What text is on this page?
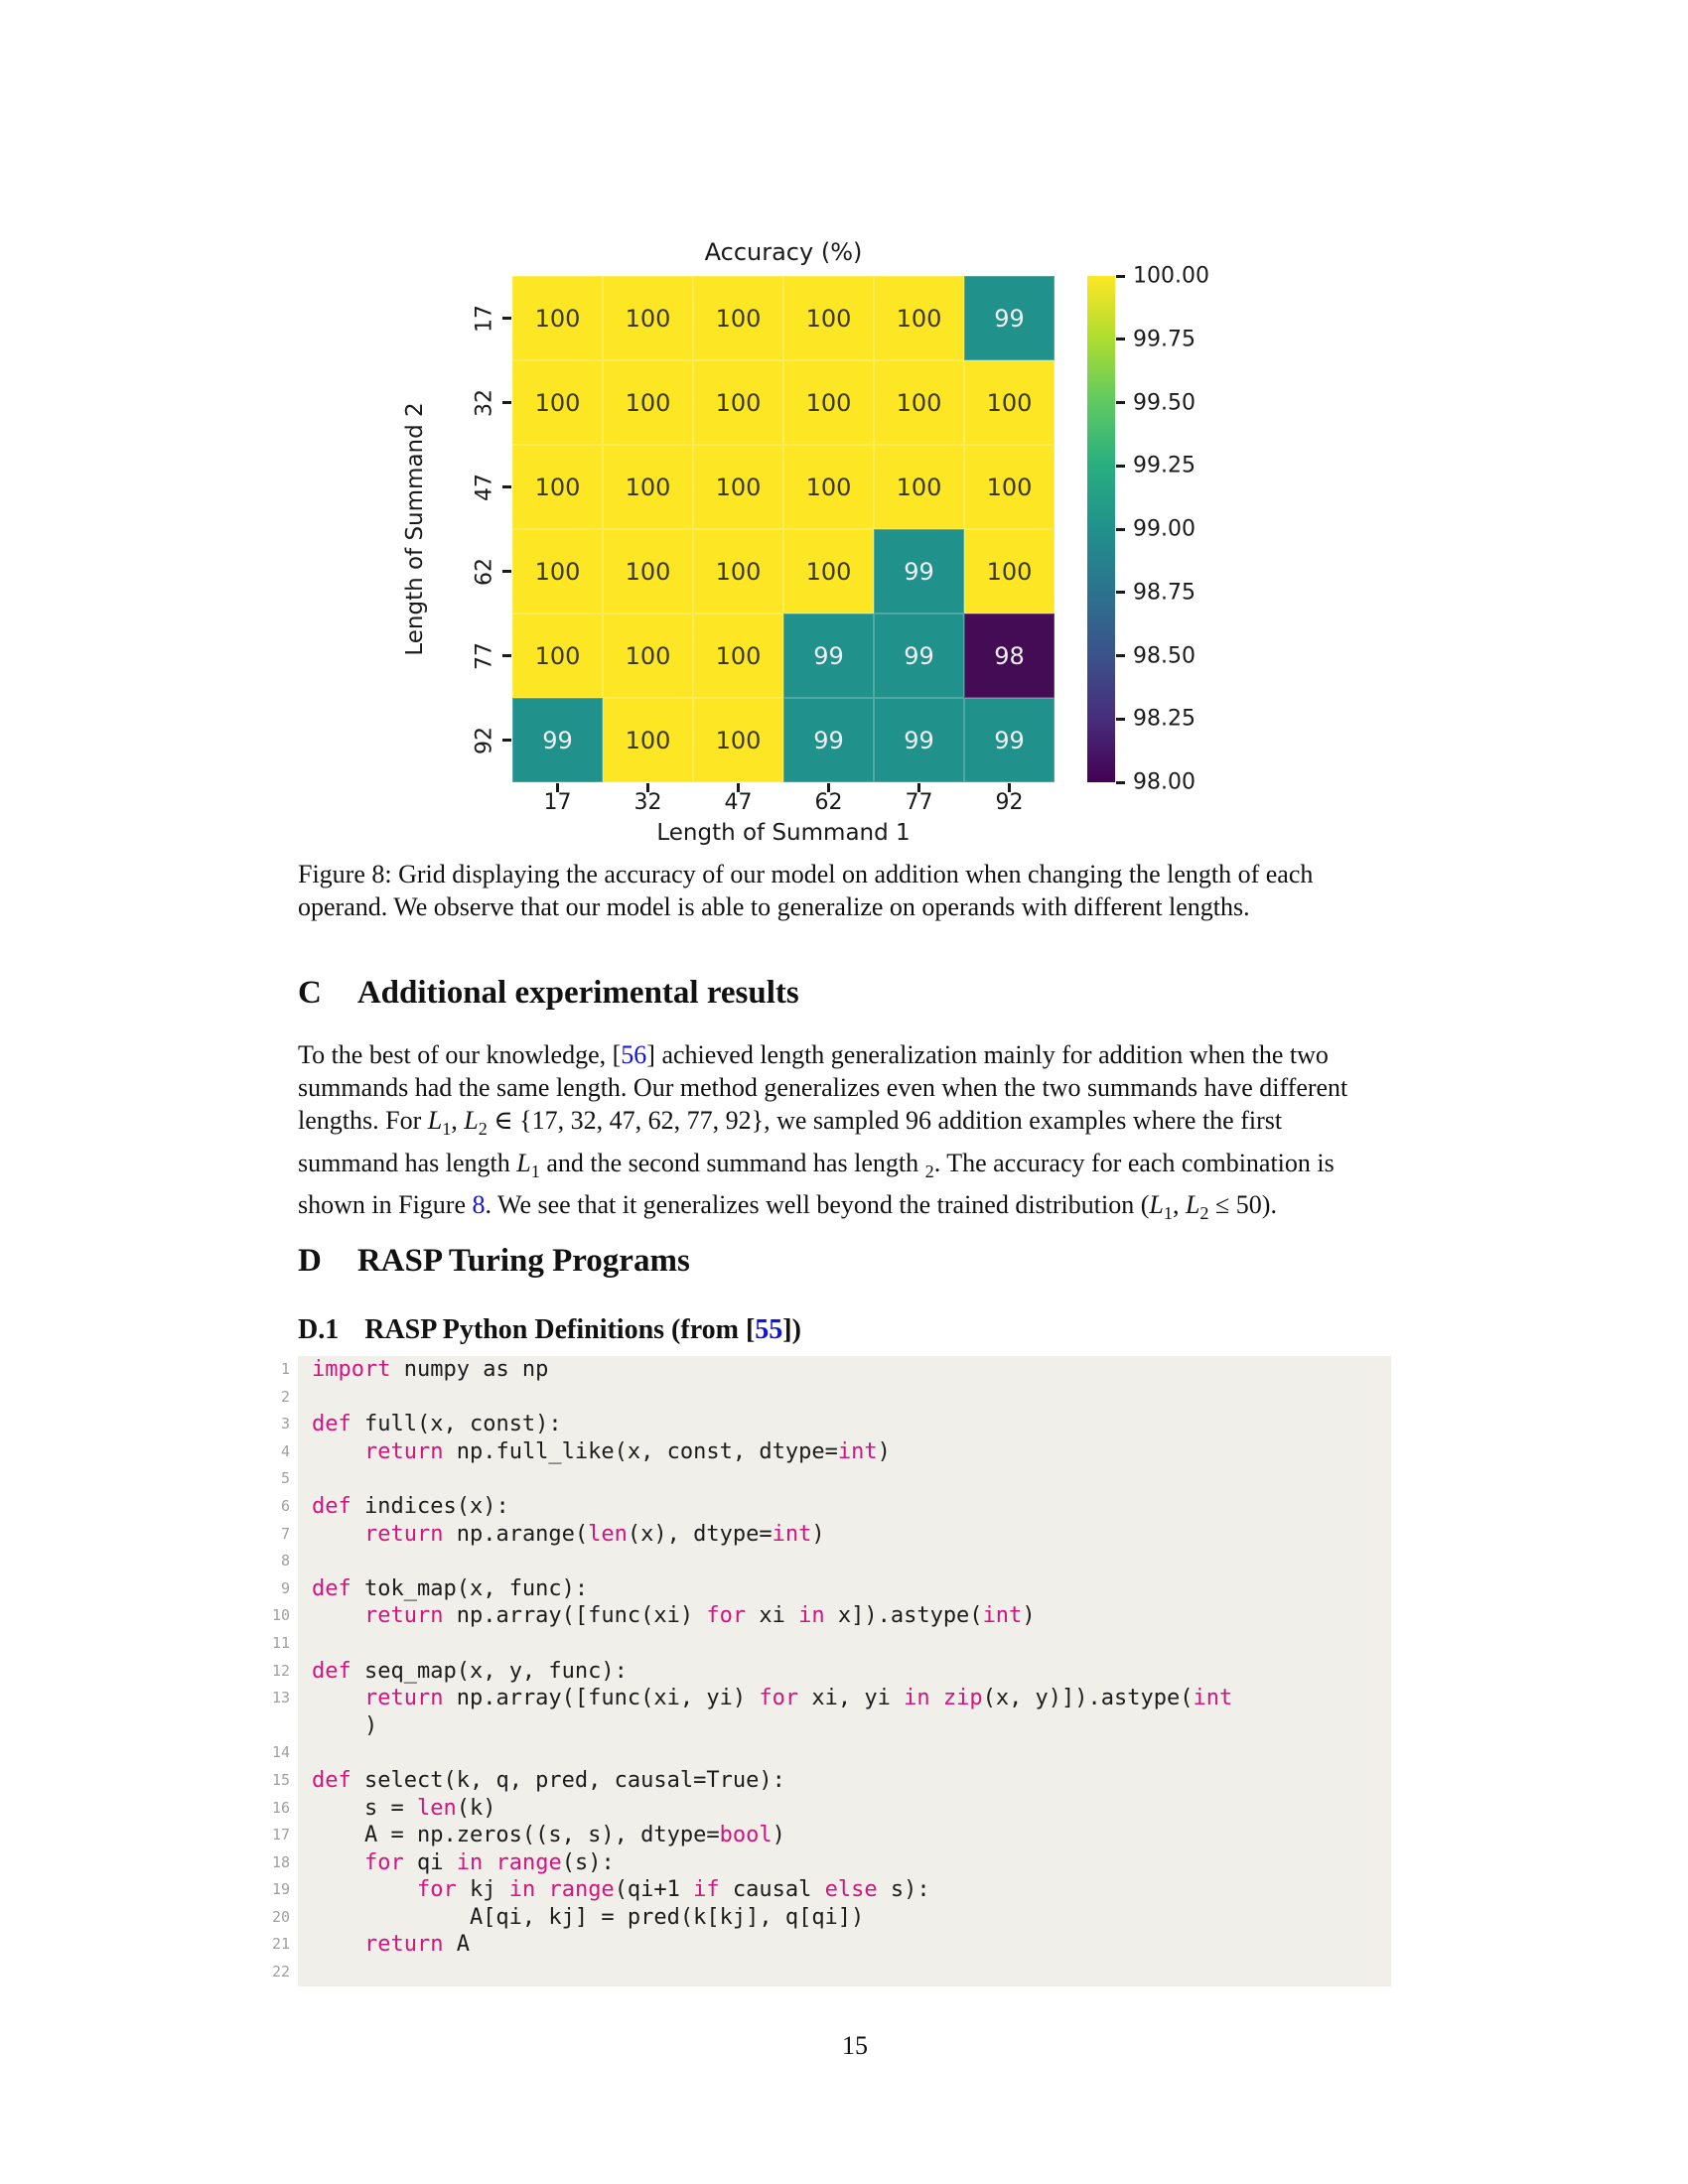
Accuracy (%)
100	100	100	100	100	99
100	100	100	100	100	100
100	100	100	100	100	100
100	100	100	100	99	100
100	100	100	99	99	98
99	100	100	99	99	99
17
32
47
62
77
92
17	32	47	62	77	92
Length of Summand 2
Length of Summand 1
100.00
99.75
99.50
99.25
99.00
98.75
98.50
98.25
98.00
Figure 8: Grid displaying the accuracy of our model on addition when changing the length of each
operand. We observe that our model is able to generalize on operands with different lengths.
C Additional experimental results
To the best of our knowledge, [56] achieved length generalization mainly for addition when the two
summands had the same length. Our method generalizes even when the two summands have different
lengths. For $L_1$, $L_2$ ∈ {17, 32, 47, 62, 77, 92}, we sampled 96 addition examples where the first
summand has length $L_1$ and the second summand has length $_2$. The accuracy for each combination is
shown in Figure 8. We see that it generalizes well beyond the trained distribution ($L_1$, $L_2 \le 50$).
D RASP Turing Programs
D.1 RASP Python Definitions (from [55])
1	import numpy as np
2
3	def full(x, const):
4	return np.full_like(x, const, dtype=int)
5
6	def indices(x):
7	return np.arange(len(x), dtype=int)
8
9	def tok_map(x, func):
10	return np.array([func(xi) for xi in x]).astype(int)
11
12	def seq_map(x, y, func):
13	return np.array([func(xi, yi) for xi, yi in zip(x, y)]).astype(int
)
14
15	def select(k, q, pred, causal=True):
16	s = len(k)
17	A = np.zeros((s, s), dtype=bool)
18	for qi in range(s):
19	for kj in range(qi+1 if causal else s):
20	A[qi, kj] = pred(k[kj], q[qi])
21	return A
22
15
